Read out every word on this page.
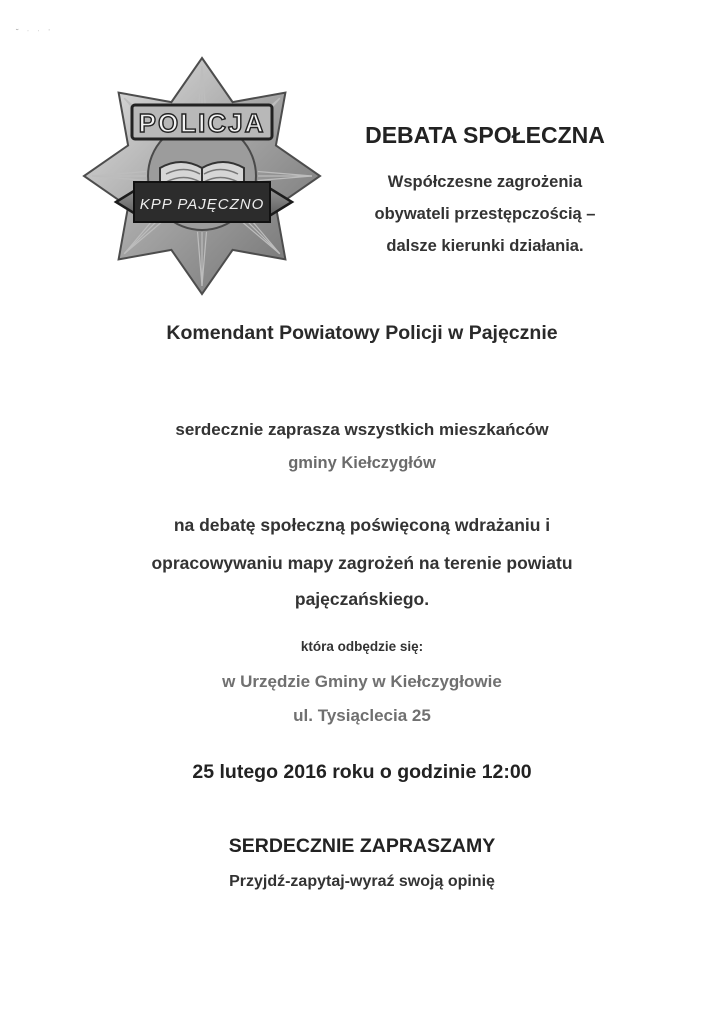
˘ ˑ ˑ ˈ
POLICJA
KPP PAJĘCZNO
DEBATA SPOŁECZNA
Współczesne zagrożenia
obywateli przestępczością –
dalsze kierunki działania.
Komendant Powiatowy Policji w Pajęcznie
serdecznie zaprasza wszystkich mieszkańców
gminy Kiełczygłów
na debatę społeczną poświęconą wdrażaniu i
opracowywaniu mapy zagrożeń na terenie powiatu
pajęczańskiego.
która odbędzie się:
w Urzędzie Gminy w Kiełczygłowie
ul. Tysiąclecia 25
25 lutego 2016 roku o godzinie 12:00
SERDECZNIE ZAPRASZAMY
Przyjdź-zapytaj-wyraź swoją opinię
